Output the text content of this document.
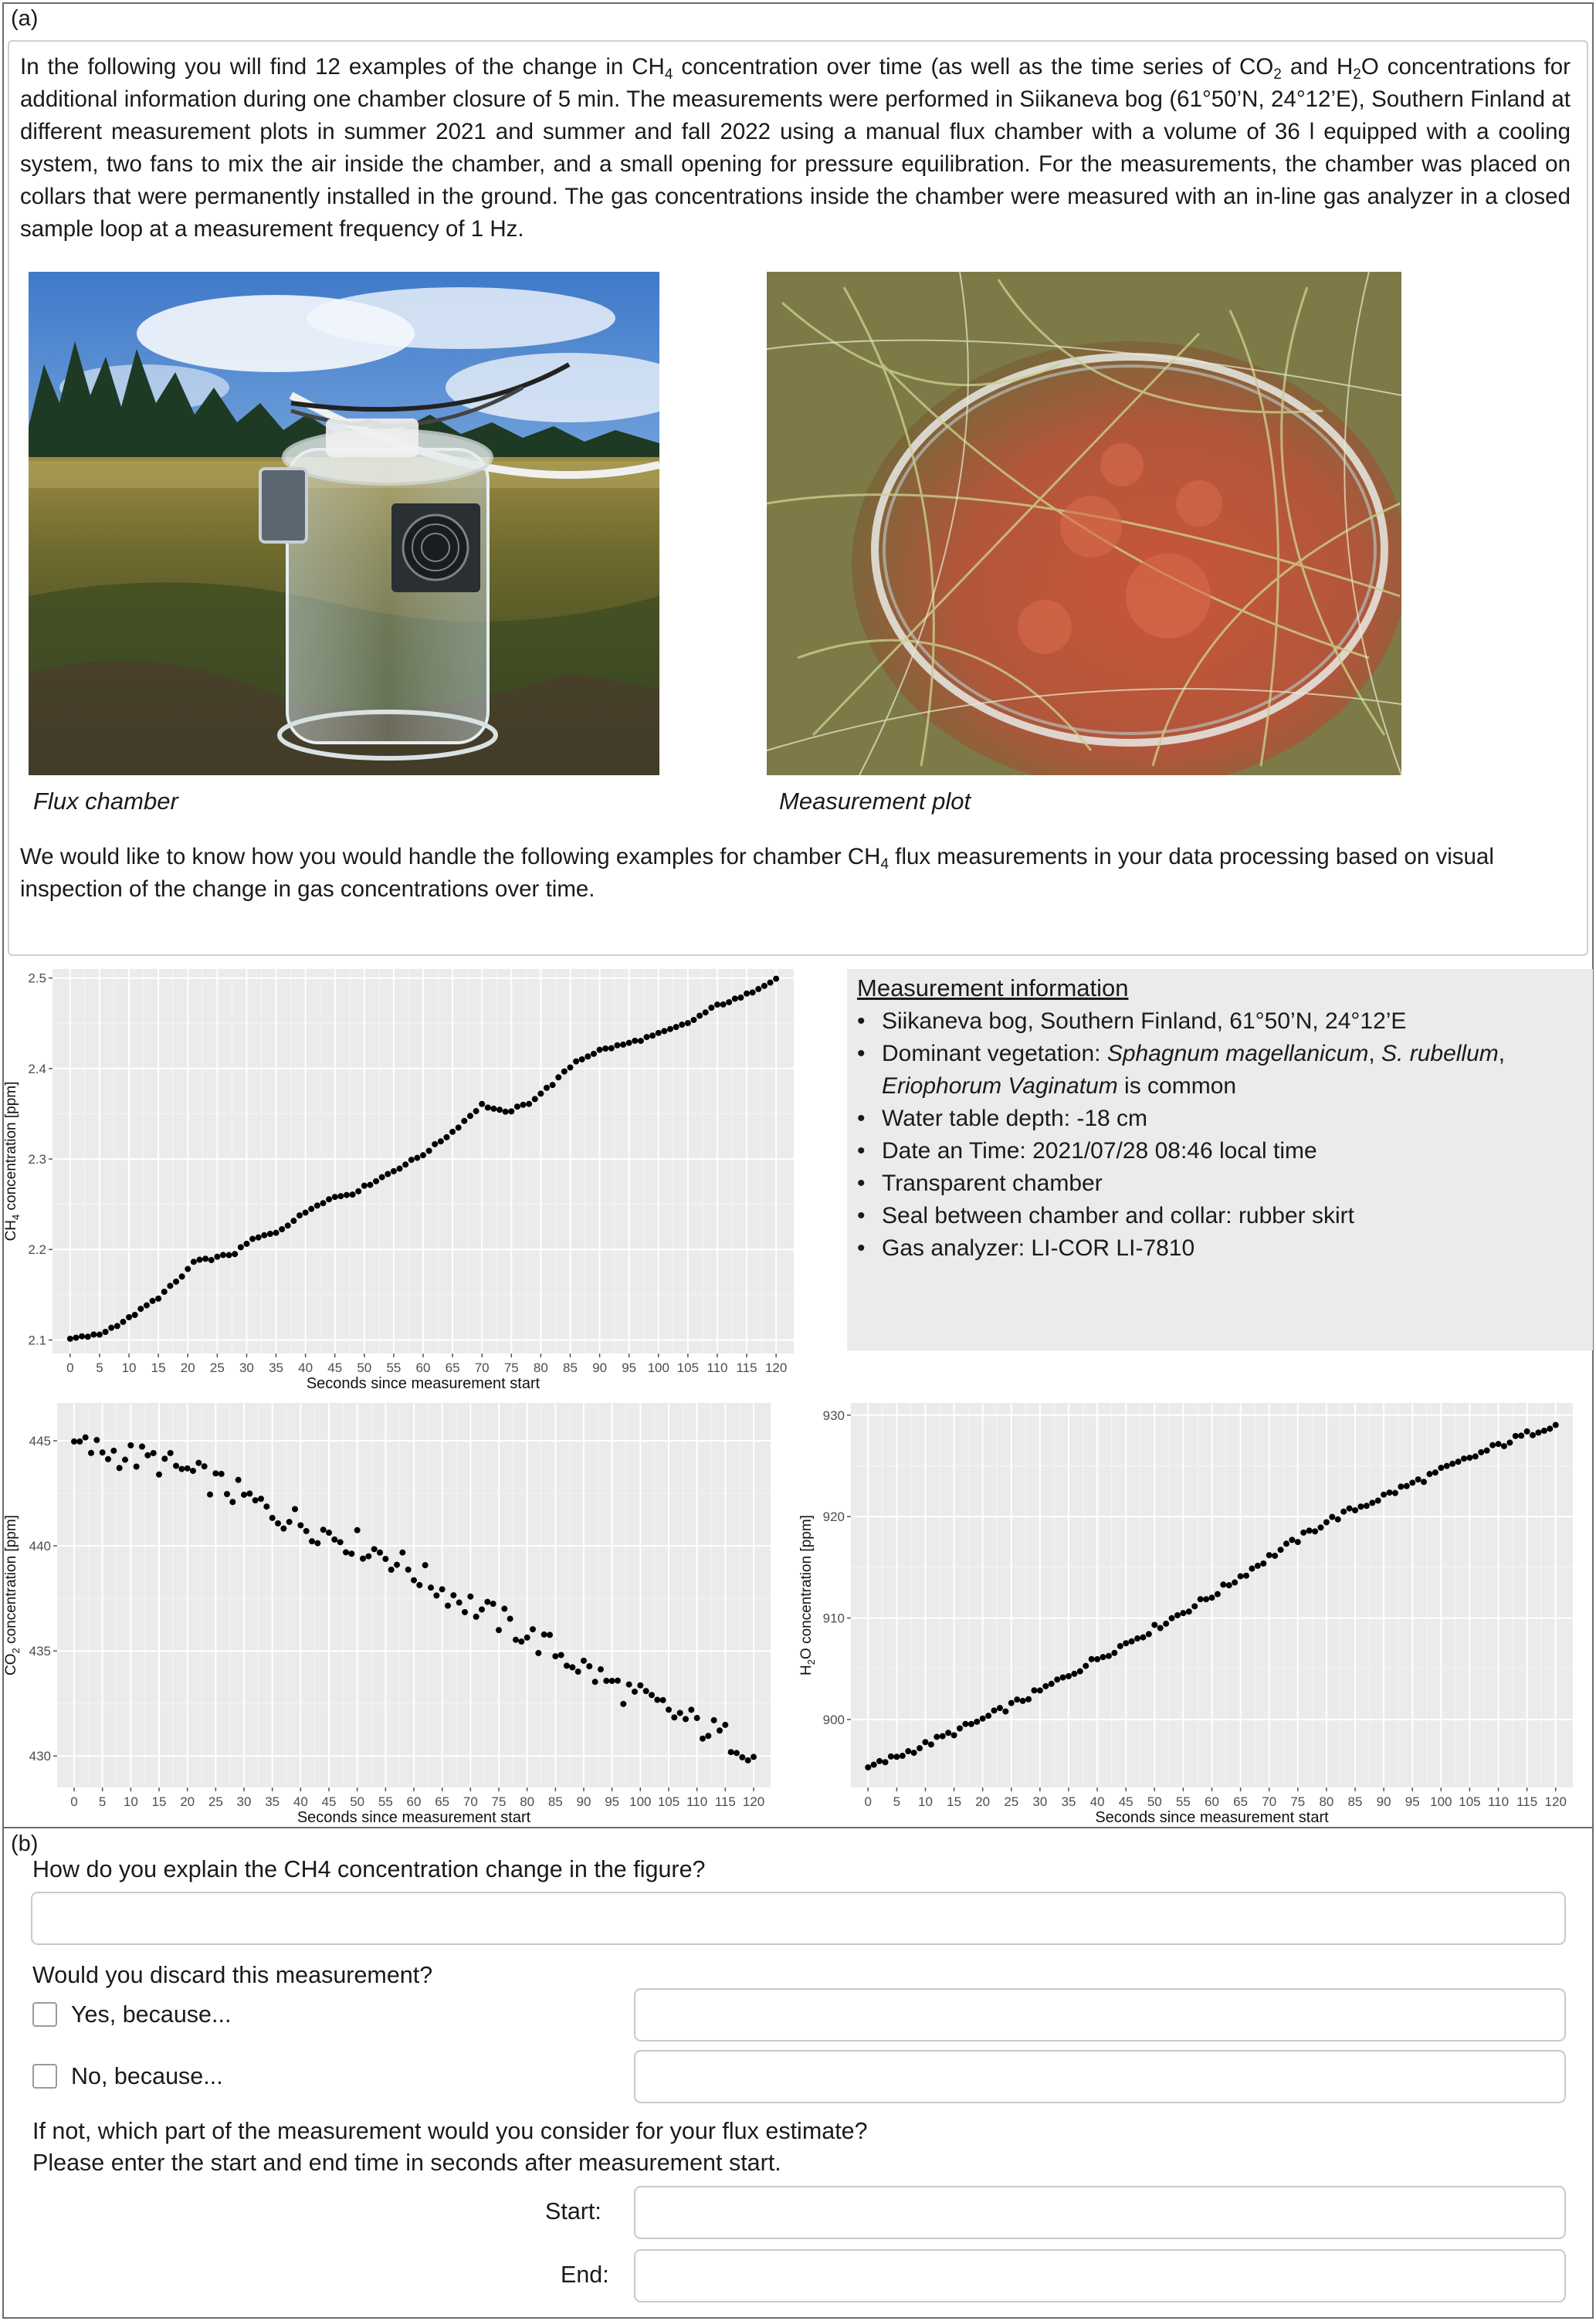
(a)
In the following you will find 12 examples of the change in $CH_4$ concentration over time (as well as the time series of $CO_2$ and $H_2O$ concentrations for additional information during one chamber closure of 5 min. The measurements were performed in Siikaneva bog (61°50’N, 24°12’E), Southern Finland at different measurement plots in summer 2021 and summer and fall 2022 using a manual flux chamber with a volume of 36 l equipped with a cooling system, two fans to mix the air inside the chamber, and a small opening for pressure equilibration. For the measurements, the chamber was placed on collars that were permanently installed in the ground. The gas concentrations inside the chamber were measured with an in-line gas analyzer in a closed sample loop at a measurement frequency of 1 Hz.
Flux chamber	Measurement plot
We would like to know how you would handle the following examples for chamber $CH_4$ flux measurements in your data processing based on visual inspection of the change in gas concentrations over time.
0 5 10 15 20 25 30 35 40 45 50 55 60 65 70 75 80 85 90 95 100 105 110 115 120
2.1
2.2
2.3
2.4
2.5
Seconds since measurement start
$CH_4$ concentration [ppm]
Measurement information
• Siikaneva bog, Southern Finland, 61°50’N, 24°12’E
• Dominant vegetation: Sphagnum magellanicum, S. rubellum, Eriophorum Vaginatum is common
• Water table depth: -18 cm
• Date an Time: 2021/07/28 08:46 local time
• Transparent chamber
• Seal between chamber and collar: rubber skirt
• Gas analyzer: LI-COR LI-7810
0 5 10 15 20 25 30 35 40 45 50 55 60 65 70 75 80 85 90 95 100 105 110 115 120
430
435
440
445
Seconds since measurement start
$CO_2$ concentration [ppm]
0 5 10 15 20 25 30 35 40 45 50 55 60 65 70 75 80 85 90 95 100 105 110 115 120
900
910
920
930
Seconds since measurement start
$H_2O$ concentration [ppm]
(b)
How do you explain the CH4 concentration change in the figure?
Would you discard this measurement?
Yes, because...
No, because...
If not, which part of the measurement would you consider for your flux estimate?
Please enter the start and end time in seconds after measurement start.
Start:
End:
